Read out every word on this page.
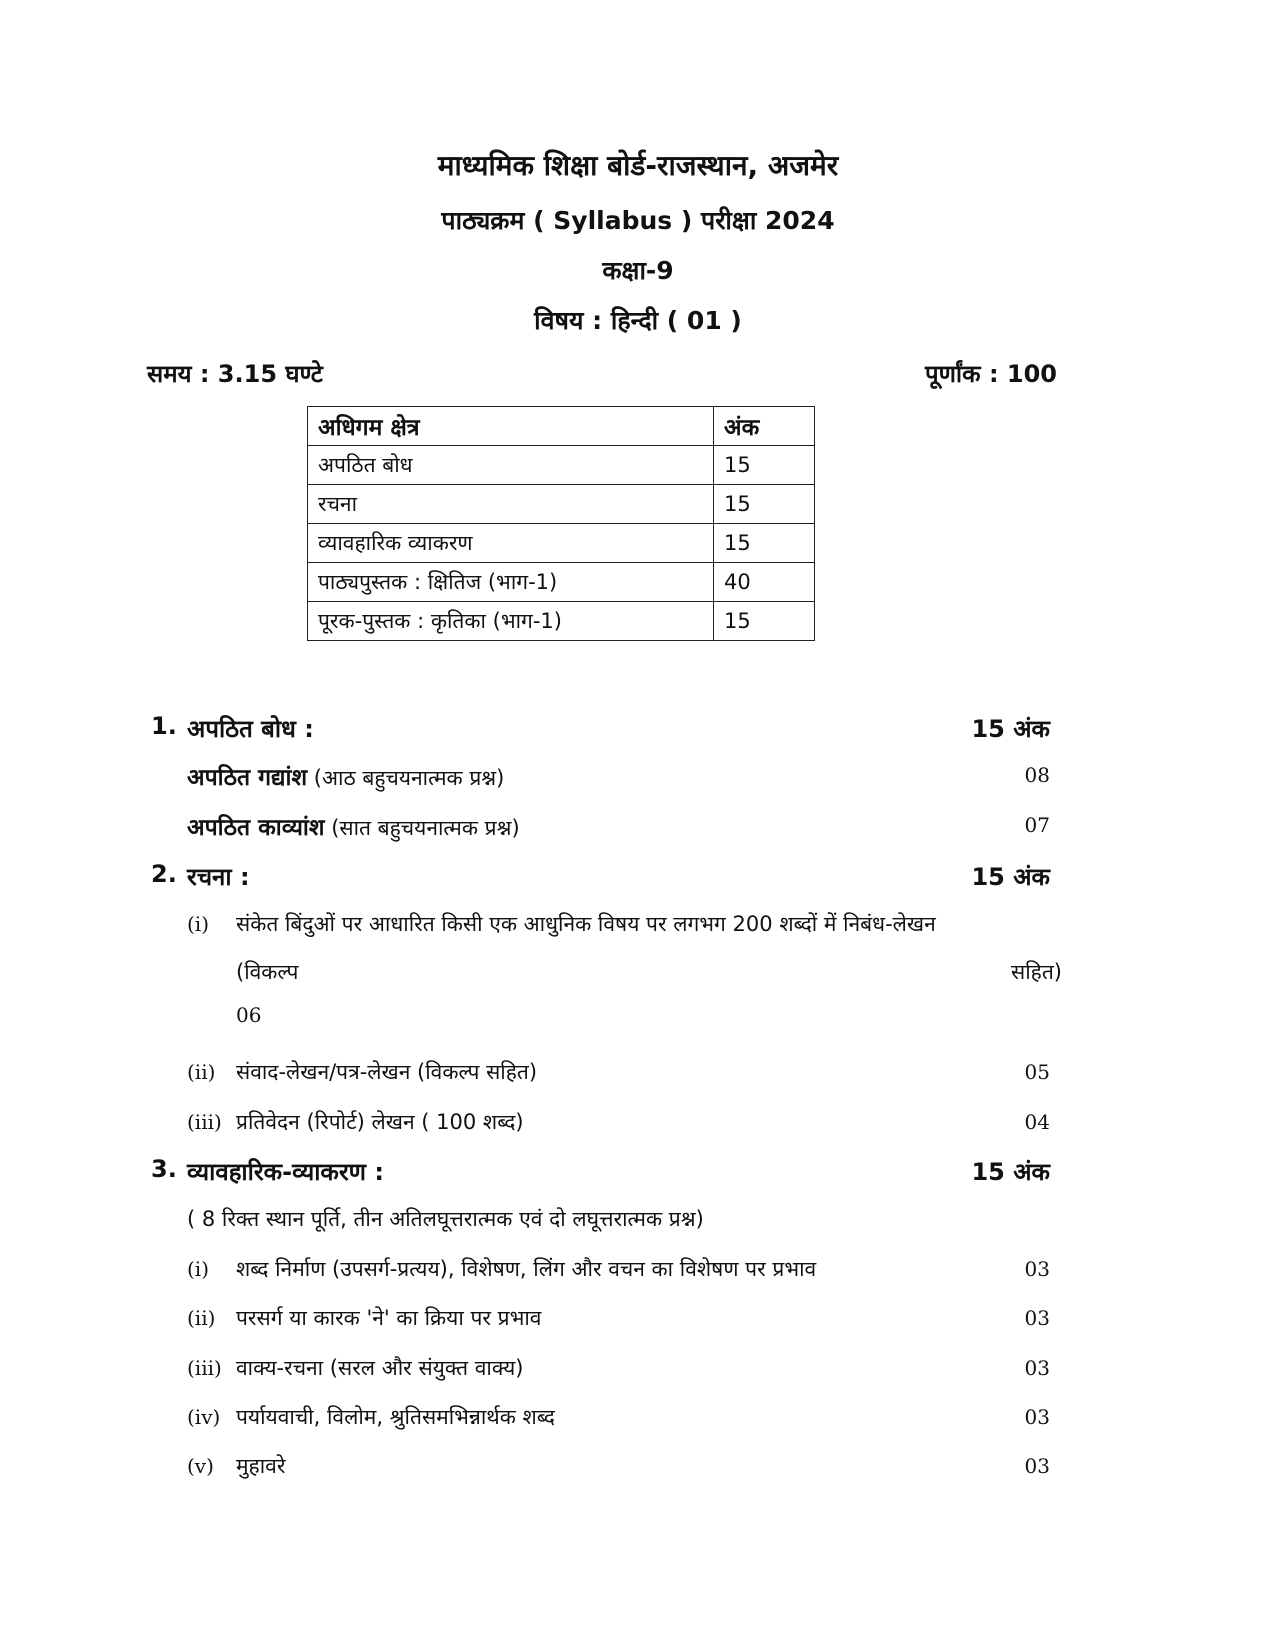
माध्यमिक शिक्षा बोर्ड-राजस्थान, अजमेर
पाठ्यक्रम ( Syllabus ) परीक्षा 2024
कक्षा-9
विषय : हिन्दी ( 01 )
समय : 3.15 घण्टे	पूर्णांक : 100
अधिगम क्षेत्र	अंक
अपठित बोध	15
रचना	15
व्यावहारिक व्याकरण	15
पाठ्यपुस्तक : क्षितिज (भाग-1)	40
पूरक-पुस्तक : कृतिका (भाग-1)	15
1. अपठित बोध :	15 अंक
अपठित गद्यांश (आठ बहुचयनात्मक प्रश्न)	08
अपठित काव्यांश (सात बहुचयनात्मक प्रश्न)	07
2. रचना :	15 अंक
(i) संकेत बिंदुओं पर आधारित किसी एक आधुनिक विषय पर लगभग 200 शब्दों में निबंध-लेखन
(विकल्प	सहित)
06
(ii) संवाद-लेखन/पत्र-लेखन (विकल्प सहित)	05
(iii) प्रतिवेदन (रिपोर्ट) लेखन ( 100 शब्द)	04
3. व्यावहारिक-व्याकरण :	15 अंक
( 8 रिक्त स्थान पूर्ति, तीन अतिलघूत्तरात्मक एवं दो लघूत्तरात्मक प्रश्न)
(i) शब्द निर्माण (उपसर्ग-प्रत्यय), विशेषण, लिंग और वचन का विशेषण पर प्रभाव	03
(ii) परसर्ग या कारक 'ने' का क्रिया पर प्रभाव	03
(iii) वाक्य-रचना (सरल और संयुक्त वाक्य)	03
(iv) पर्यायवाची, विलोम, श्रुतिसमभिन्नार्थक शब्द	03
(v) मुहावरे	03
